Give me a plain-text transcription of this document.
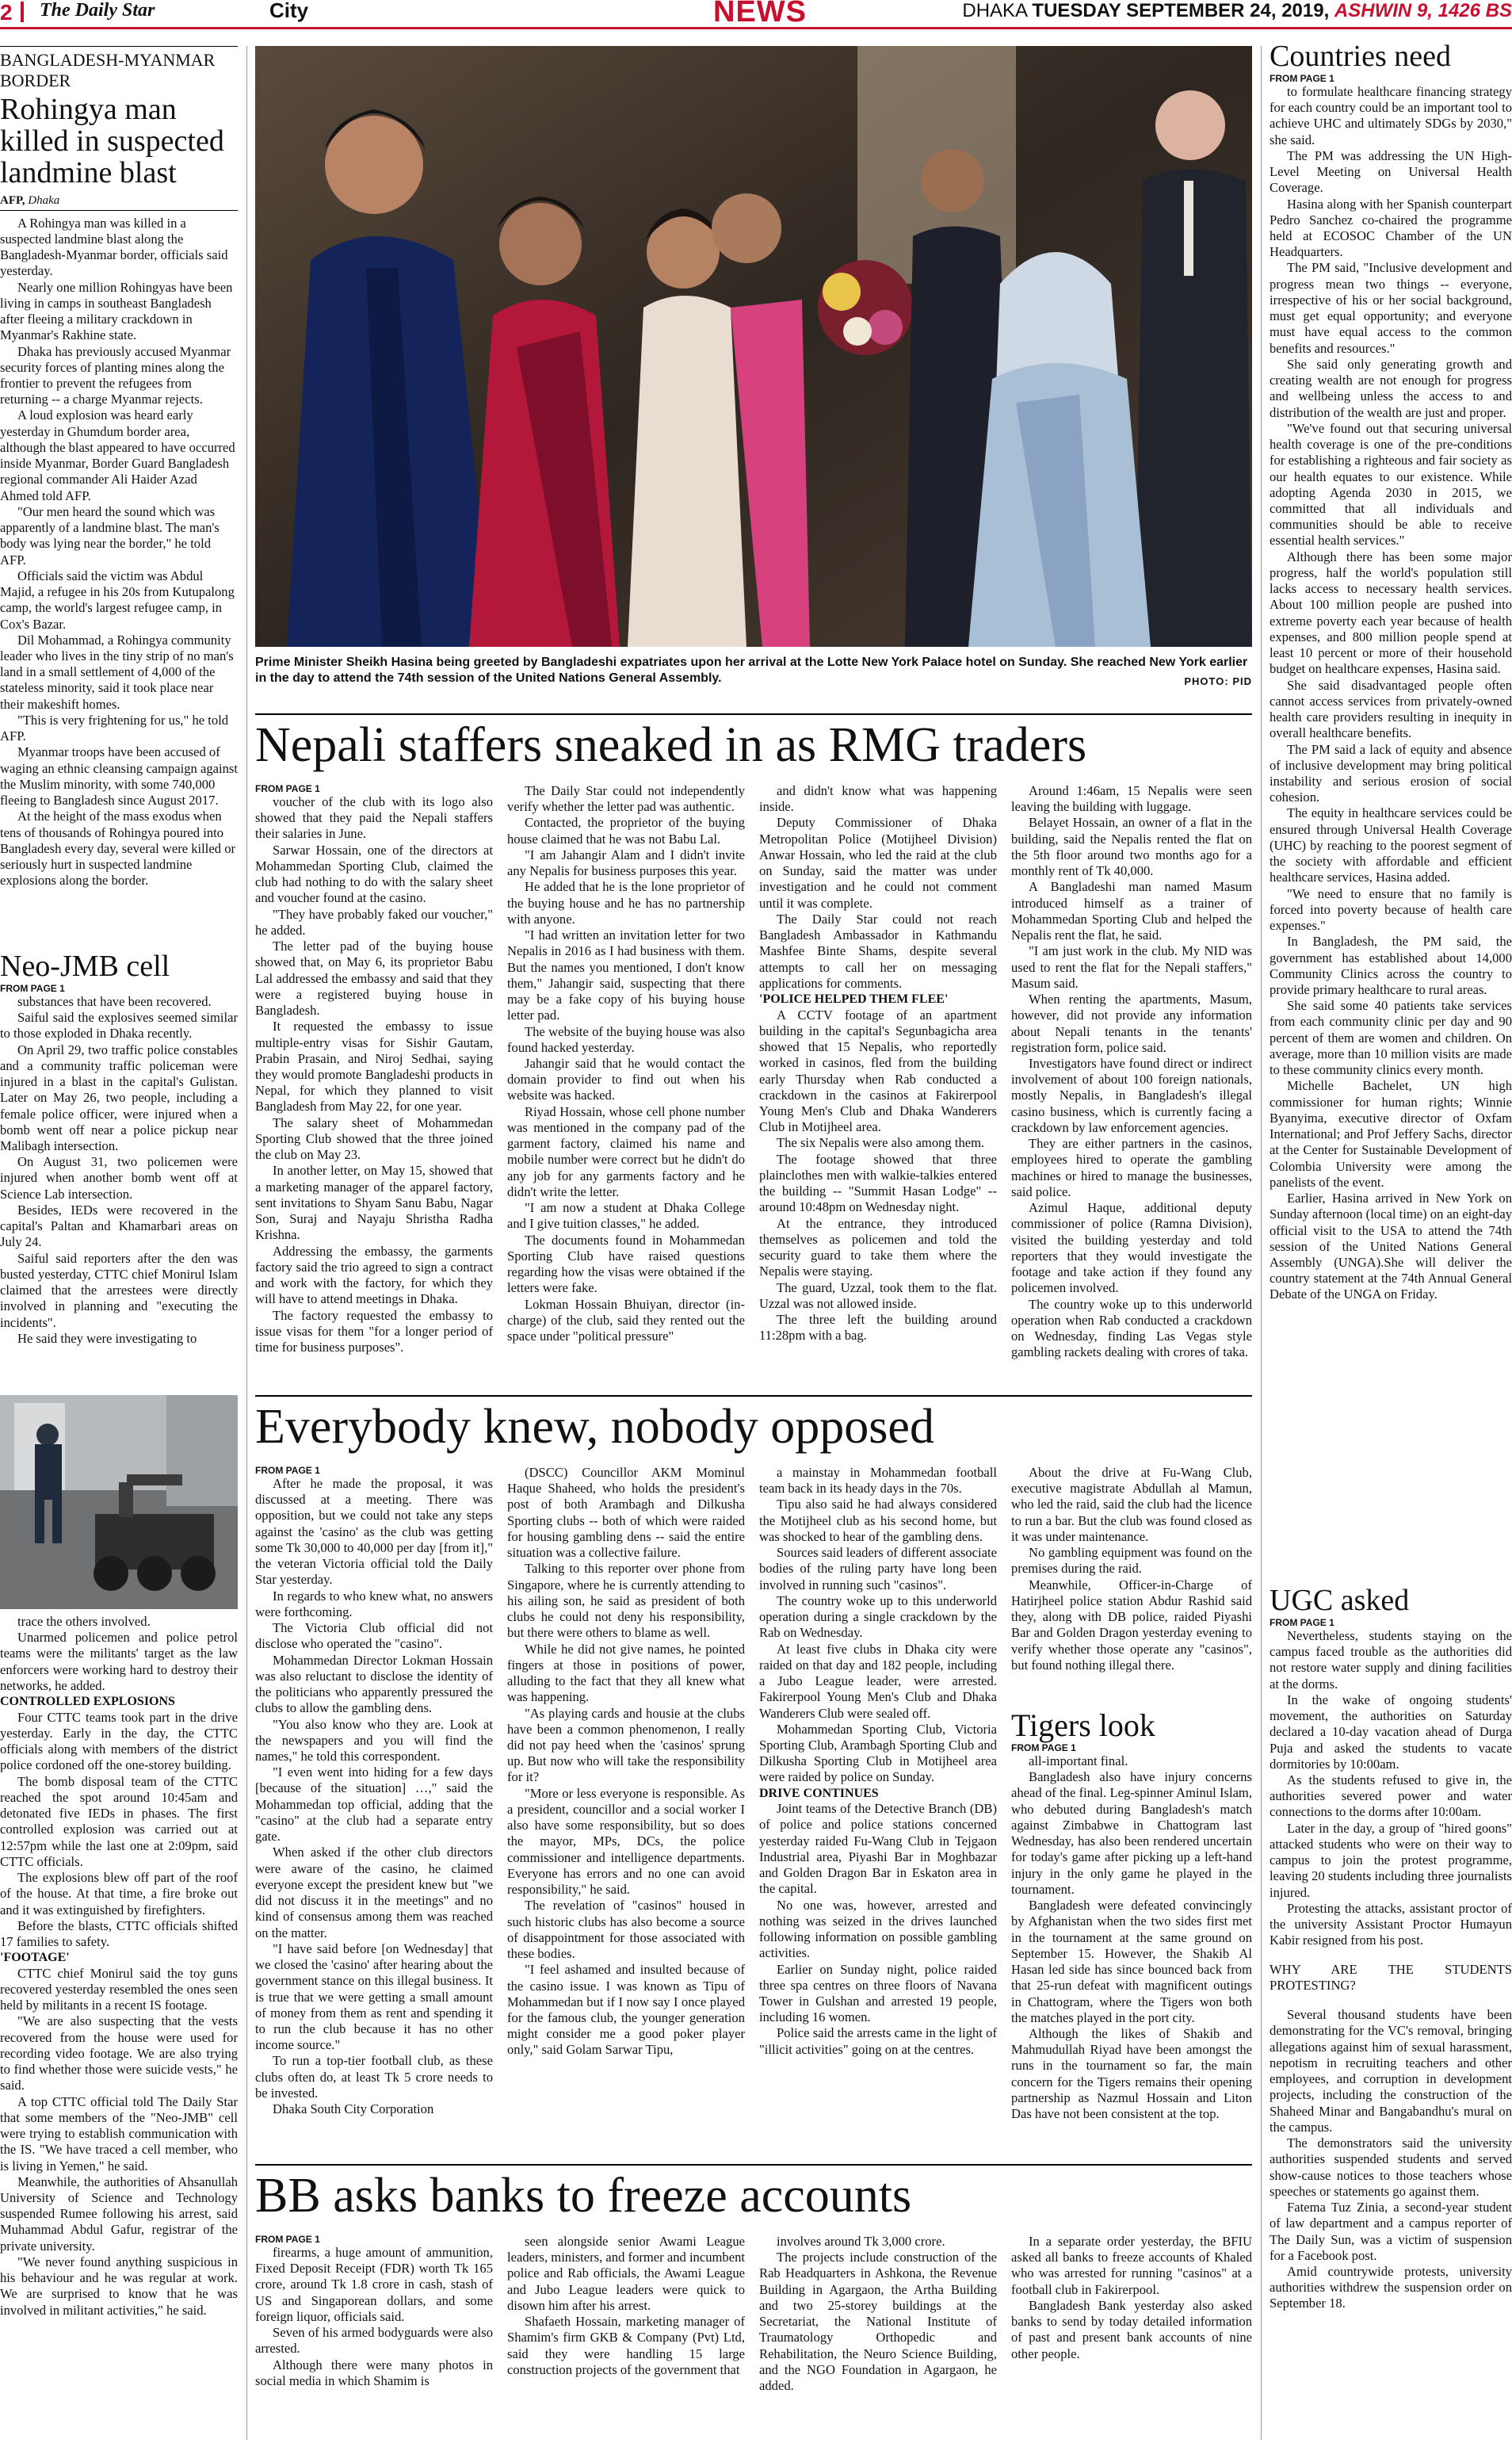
2 The Daily Star	City	NEWS	DHAKA TUESDAY SEPTEMBER 24, 2019, ASHWIN 9, 1426 BS
BANGLADESH-MYANMAR BORDER
Rohingya man killed in suspected landmine blast
AFP, Dhaka

A Rohingya man was killed in a suspected landmine blast along the Bangladesh-Myanmar border, officials said yesterday.

Nearly one million Rohingyas have been living in camps in southeast Bangladesh after fleeing a military crackdown in Myanmar's Rakhine state.

Dhaka has previously accused Myanmar security forces of planting mines along the frontier to prevent the refugees from returning -- a charge Myanmar rejects.

A loud explosion was heard early yesterday in Ghumdum border area, although the blast appeared to have occurred inside Myanmar, Border Guard Bangladesh regional commander Ali Haider Azad Ahmed told AFP.

"Our men heard the sound which was apparently of a landmine blast. The man's body was lying near the border," he told AFP.

Officials said the victim was Abdul Majid, a refugee in his 20s from Kutupalong camp, the world's largest refugee camp, in Cox's Bazar.

Dil Mohammad, a Rohingya community leader who lives in the tiny strip of no man's land in a small settlement of 4,000 of the stateless minority, said it took place near their makeshift homes.

"This is very frightening for us," he told AFP.

Myanmar troops have been accused of waging an ethnic cleansing campaign against the Muslim minority, with some 740,000 fleeing to Bangladesh since August 2017.

At the height of the mass exodus when tens of thousands of Rohingya poured into Bangladesh every day, several were killed or seriously hurt in suspected landmine explosions along the border.

Neo-JMB cell
FROM PAGE 1

substances that have been recovered.

Saiful said the explosives seemed similar to those exploded in Dhaka recently.

On April 29, two traffic police constables and a community traffic policeman were injured in a blast in the capital's Gulistan. Later on May 26, two people, including a female police officer, were injured when a bomb went off near a police pickup near Malibagh intersection.

On August 31, two policemen were injured when another bomb went off at Science Lab intersection.

Besides, IEDs were recovered in the capital's Paltan and Khamarbari areas on July 24.

Saiful said reporters after the den was busted yesterday, CTTC chief Monirul Islam claimed that the arrestees were directly involved in planning and "executing the incidents".

He said they were investigating to

trace the others involved.

Unarmed policemen and police petrol teams were the militants' target as the law enforcers were working hard to destroy their networks, he added.

CONTROLLED EXPLOSIONS

Four CTTC teams took part in the drive yesterday. Early in the day, the CTTC officials along with members of the district police cordoned off the one-storey building.

The bomb disposal team of the CTTC reached the spot around 10:45am and detonated five IEDs in phases. The first controlled explosion was carried out at 12:57pm while the last one at 2:09pm, said CTTC officials.

The explosions blew off part of the roof of the house. At that time, a fire broke out and it was extinguished by firefighters.

Before the blasts, CTTC officials shifted 17 families to safety.

'FOOTAGE'

CTTC chief Monirul said the toy guns recovered yesterday resembled the ones seen held by militants in a recent IS footage.

"We are also suspecting that the vests recovered from the house were used for recording video footage. We are also trying to find whether those were suicide vests," he said.

A top CTTC official told The Daily Star that some members of the "Neo-JMB" cell were trying to establish communication with the IS. "We have traced a cell member, who is living in Yemen," he said.

Meanwhile, the authorities of Ahsanullah University of Science and Technology suspended Rumee following his arrest, said Muhammad Abdul Gafur, registrar of the private university.

"We never found anything suspicious in his behaviour and he was regular at work. We are surprised to know that he was involved in militant activities," he said.

Prime Minister Sheikh Hasina being greeted by Bangladeshi expatriates upon her arrival at the Lotte New York Palace hotel on Sunday. She reached New York earlier in the day to attend the 74th session of the United Nations General Assembly.	PHOTO: PID
Nepali staffers sneaked in as RMG traders
FROM PAGE 1

voucher of the club with its logo also showed that they paid the Nepali staffers their salaries in June.

Sarwar Hossain, one of the directors at Mohammedan Sporting Club, claimed the club had nothing to do with the salary sheet and voucher found at the casino.

"They have probably faked our voucher," he added.

The letter pad of the buying house showed that, on May 6, its proprietor Babu Lal addressed the embassy and said that they were a registered buying house in Bangladesh.

It requested the embassy to issue multiple-entry visas for Sishir Gautam, Prabin Prasain, and Niroj Sedhai, saying they would promote Bangladeshi products in Nepal, for which they planned to visit Bangladesh from May 22, for one year.

The salary sheet of Mohammedan Sporting Club showed that the three joined the club on May 23.

In another letter, on May 15, showed that a marketing manager of the apparel factory, sent invitations to Shyam Sanu Babu, Nagar Son, Suraj and Nayaju Shristha Radha Krishna.

Addressing the embassy, the garments factory said the trio agreed to sign a contract and work with the factory, for which they will have to attend meetings in Dhaka.

The factory requested the embassy to issue visas for them "for a longer period of time for business purposes".

The Daily Star could not independently verify whether the letter pad was authentic.

Contacted, the proprietor of the buying house claimed that he was not Babu Lal.

"I am Jahangir Alam and I didn't invite any Nepalis for business purposes this year.

He added that he is the lone proprietor of the buying house and he has no partnership with anyone.

"I had written an invitation letter for two Nepalis in 2016 as I had business with them. But the names you mentioned, I don't know them," Jahangir said, suspecting that there may be a fake copy of his buying house letter pad.

The website of the buying house was also found hacked yesterday.

Jahangir said that he would contact the domain provider to find out when his website was hacked.

Riyad Hossain, whose cell phone number was mentioned in the company pad of the garment factory, claimed his name and mobile number were correct but he didn't do any job for any garments factory and he didn't write the letter.

"I am now a student at Dhaka College and I give tuition classes," he added.

The documents found in Mohammedan Sporting Club have raised questions regarding how the visas were obtained if the letters were fake.

Lokman Hossain Bhuiyan, director (in-charge) of the club, said they rented out the space under "political pressure"

and didn't know what was happening inside.

Deputy Commissioner of Dhaka Metropolitan Police (Motijheel Division) Anwar Hossain, who led the raid at the club on Sunday, said the matter was under investigation and he could not comment until it was complete.

The Daily Star could not reach Bangladesh Ambassador in Kathmandu Mashfee Binte Shams, despite several attempts to call her on messaging applications for comments.

'POLICE HELPED THEM FLEE'

A CCTV footage of an apartment building in the capital's Segunbagicha area showed that 15 Nepalis, who reportedly worked in casinos, fled from the building early Thursday when Rab conducted a crackdown in the casinos at Fakirerpool Young Men's Club and Dhaka Wanderers Club in Motijheel area.

The six Nepalis were also among them.

The footage showed that three plainclothes men with walkie-talkies entered the building -- "Summit Hasan Lodge" -- around 10:48pm on Wednesday night.

At the entrance, they introduced themselves as policemen and told the security guard to take them where the Nepalis were staying.

The guard, Uzzal, took them to the flat. Uzzal was not allowed inside.

The three left the building around 11:28pm with a bag.

Around 1:46am, 15 Nepalis were seen leaving the building with luggage.

Belayet Hossain, an owner of a flat in the building, said the Nepalis rented the flat on the 5th floor around two months ago for a monthly rent of Tk 40,000.

A Bangladeshi man named Masum introduced himself as a trainer of Mohammedan Sporting Club and helped the Nepalis rent the flat, he said.

"I am just work in the club. My NID was used to rent the flat for the Nepali staffers," Masum said.

When renting the apartments, Masum, however, did not provide any information about Nepali tenants in the tenants' registration form, police said.

Investigators have found direct or indirect involvement of about 100 foreign nationals, mostly Nepalis, in Bangladesh's illegal casino business, which is currently facing a crackdown by law enforcement agencies.

They are either partners in the casinos, employees hired to operate the gambling machines or hired to manage the businesses, said police.

Azimul Haque, additional deputy commissioner of police (Ramna Division), visited the building yesterday and told reporters that they would investigate the footage and take action if they found any policemen involved.

The country woke up to this underworld operation when Rab conducted a crackdown on Wednesday, finding Las Vegas style gambling rackets dealing with crores of taka.

Everybody knew, nobody opposed
FROM PAGE 1

After he made the proposal, it was discussed at a meeting. There was opposition, but we could not take any steps against the 'casino' as the club was getting some Tk 30,000 to 40,000 per day [from it]," the veteran Victoria official told the Daily Star yesterday.

In regards to who knew what, no answers were forthcoming.

The Victoria Club official did not disclose who operated the "casino".

Mohammedan Director Lokman Hossain was also reluctant to disclose the identity of the politicians who apparently pressured the clubs to allow the gambling dens.

"You also know who they are. Look at the newspapers and you will find the names," he told this correspondent.

"I even went into hiding for a few days [because of the situation] …," said the Mohammedan top official, adding that the "casino" at the club had a separate entry gate.

When asked if the other club directors were aware of the casino, he claimed everyone except the president knew but "we did not discuss it in the meetings" and no kind of consensus among them was reached on the matter.

"I have said before [on Wednesday] that we closed the 'casino' after hearing about the government stance on this illegal business. It is true that we were getting a small amount of money from them as rent and spending it to run the club because it has no other income source."

To run a top-tier football club, as these clubs often do, at least Tk 5 crore needs to be invested.

Dhaka South City Corporation

(DSCC) Councillor AKM Mominul Haque Shaheed, who holds the president's post of both Arambagh and Dilkusha Sporting clubs -- both of which were raided for housing gambling dens -- said the entire situation was a collective failure.

Talking to this reporter over phone from Singapore, where he is currently attending to his ailing son, he said as president of both clubs he could not deny his responsibility, but there were others to blame as well.

While he did not give names, he pointed fingers at those in positions of power, alluding to the fact that they all knew what was happening.

"As playing cards and housie at the clubs have been a common phenomenon, I really did not pay heed when the 'casinos' sprung up. But now who will take the responsibility for it?

"More or less everyone is responsible. As a president, councillor and a social worker I also have some responsibility, but so does the mayor, MPs, DCs, the police commissioner and intelligence departments. Everyone has errors and no one can avoid responsibility," he said.

The revelation of "casinos" housed in such historic clubs has also become a source of disappointment for those associated with these bodies.

"I feel ashamed and insulted because of the casino issue. I was known as Tipu of Mohammedan but if I now say I once played for the famous club, the younger generation might consider me a good poker player only," said Golam Sarwar Tipu,

a mainstay in Mohammedan football team back in its heady days in the 70s.

Tipu also said he had always considered the Motijheel club as his second home, but was shocked to hear of the gambling dens.

Sources said leaders of different associate bodies of the ruling party have long been involved in running such "casinos".

The country woke up to this underworld operation during a single crackdown by the Rab on Wednesday.

At least five clubs in Dhaka city were raided on that day and 182 people, including a Jubo League leader, were arrested. Fakirerpool Young Men's Club and Dhaka Wanderers Club were sealed off.

Mohammedan Sporting Club, Victoria Sporting Club, Arambagh Sporting Club and Dilkusha Sporting Club in Motijheel area were raided by police on Sunday.

DRIVE CONTINUES

Joint teams of the Detective Branch (DB) of police and police stations concerned yesterday raided Fu-Wang Club in Tejgaon Industrial area, Piyashi Bar in Moghbazar and Golden Dragon Bar in Eskaton area in the capital.

No one was, however, arrested and nothing was seized in the drives launched following information on possible gambling activities.

Earlier on Sunday night, police raided three spa centres on three floors of Navana Tower in Gulshan and arrested 19 people, including 16 women.

Police said the arrests came in the light of "illicit activities" going on at the centres.

About the drive at Fu-Wang Club, executive magistrate Abdullah al Mamun, who led the raid, said the club had the licence to run a bar. But the club was found closed as it was under maintenance.

No gambling equipment was found on the premises during the raid.

Meanwhile, Officer-in-Charge of Hatirjheel police station Abdur Rashid said they, along with DB police, raided Piyashi Bar and Golden Dragon yesterday evening to verify whether those operate any "casinos", but found nothing illegal there.

Tigers look
FROM PAGE 1

all-important final.

Bangladesh also have injury concerns ahead of the final. Leg-spinner Aminul Islam, who debuted during Bangladesh's match against Zimbabwe in Chattogram last Wednesday, has also been rendered uncertain for today's game after picking up a left-hand injury in the only game he played in the tournament.

Bangladesh were defeated convincingly by Afghanistan when the two sides first met in the tournament at the same ground on September 15. However, the Shakib Al Hasan led side has since bounced back from that 25-run defeat with magnificent outings in Chattogram, where the Tigers won both the matches played in the port city.

Although the likes of Shakib and Mahmudullah Riyad have been amongst the runs in the tournament so far, the main concern for the Tigers remains their opening partnership as Nazmul Hossain and Liton Das have not been consistent at the top.

BB asks banks to freeze accounts
FROM PAGE 1

firearms, a huge amount of ammunition, Fixed Deposit Receipt (FDR) worth Tk 165 crore, around Tk 1.8 crore in cash, stash of US and Singaporean dollars, and some foreign liquor, officials said.

Seven of his armed bodyguards were also arrested.

Although there were many photos in social media in which Shamim is

seen alongside senior Awami League leaders, ministers, and former and incumbent police and Rab officials, the Awami League and Jubo League leaders were quick to disown him after his arrest.

Shafaeth Hossain, marketing manager of Shamim's firm GKB & Company (Pvt) Ltd, said they were handling 15 large construction projects of the government that

involves around Tk 3,000 crore.

The projects include construction of the Rab Headquarters in Ashkona, the Revenue Building in Agargaon, the Artha Building and two 25-storey buildings at the Secretariat, the National Institute of Traumatology Orthopedic and Rehabilitation, the Neuro Science Building, and the NGO Foundation in Agargaon, he added.

In a separate order yesterday, the BFIU asked all banks to freeze accounts of Khaled who was arrested for running "casinos" at a football club in Fakirerpool.

Bangladesh Bank yesterday also asked banks to send by today detailed information of past and present bank accounts of nine other people.

Countries need
FROM PAGE 1

to formulate healthcare financing strategy for each country could be an important tool to achieve UHC and ultimately SDGs by 2030," she said.

The PM was addressing the UN High-Level Meeting on Universal Health Coverage.

Hasina along with her Spanish counterpart Pedro Sanchez co-chaired the programme held at ECOSOC Chamber of the UN Headquarters.

The PM said, "Inclusive development and progress mean two things -- everyone, irrespective of his or her social background, must get equal opportunity; and everyone must have equal access to the common benefits and resources."

She said only generating growth and creating wealth are not enough for progress and wellbeing unless the access to and distribution of the wealth are just and proper.

"We've found out that securing universal health coverage is one of the pre-conditions for establishing a righteous and fair society as our health equates to our existence. While adopting Agenda 2030 in 2015, we committed that all individuals and communities should be able to receive essential health services."

Although there has been some major progress, half the world's population still lacks access to necessary health services. About 100 million people are pushed into extreme poverty each year because of health expenses, and 800 million people spend at least 10 percent or more of their household budget on healthcare expenses, Hasina said.

She said disadvantaged people often cannot access services from privately-owned health care providers resulting in inequity in overall healthcare benefits.

The PM said a lack of equity and absence of inclusive development may bring political instability and serious erosion of social cohesion.

The equity in healthcare services could be ensured through Universal Health Coverage (UHC) by reaching to the poorest segment of the society with affordable and efficient healthcare services, Hasina added.

"We need to ensure that no family is forced into poverty because of health care expenses."

In Bangladesh, the PM said, the government has established about 14,000 Community Clinics across the country to provide primary healthcare to rural areas.

She said some 40 patients take services from each community clinic per day and 90 percent of them are women and children. On average, more than 10 million visits are made to these community clinics every month.

Michelle Bachelet, UN high commissioner for human rights; Winnie Byanyima, executive director of Oxfam International; and Prof Jeffery Sachs, director at the Center for Sustainable Development of Colombia University were among the panelists of the event.

Earlier, Hasina arrived in New York on Sunday afternoon (local time) on an eight-day official visit to the USA to attend the 74th session of the United Nations General Assembly (UNGA).She will deliver the country statement at the 74th Annual General Debate of the UNGA on Friday.

UGC asked
FROM PAGE 1

Nevertheless, students staying on the campus faced trouble as the authorities did not restore water supply and dining facilities at the dorms.

In the wake of ongoing students' movement, the authorities on Saturday declared a 10-day vacation ahead of Durga Puja and asked the students to vacate dormitories by 10:00am.

As the students refused to give in, the authorities severed power and water connections to the dorms after 10:00am.

Later in the day, a group of "hired goons" attacked students who were on their way to campus to join the protest programme, leaving 20 students including three journalists injured.

Protesting the attacks, assistant proctor of the university Assistant Proctor Humayun Kabir resigned from his post.

WHY ARE THE STUDENTS PROTESTING?

Several thousand students have been demonstrating for the VC's removal, bringing allegations against him of sexual harassment, nepotism in recruiting teachers and other employees, and corruption in development projects, including the construction of the Shaheed Minar and Bangabandhu's mural on the campus.

The demonstrators said the university authorities suspended students and served show-cause notices to those teachers whose speeches or statements go against them.

Fatema Tuz Zinia, a second-year student of law department and a campus reporter of The Daily Sun, was a victim of suspension for a Facebook post.

Amid countrywide protests, university authorities withdrew the suspension order on September 18.
